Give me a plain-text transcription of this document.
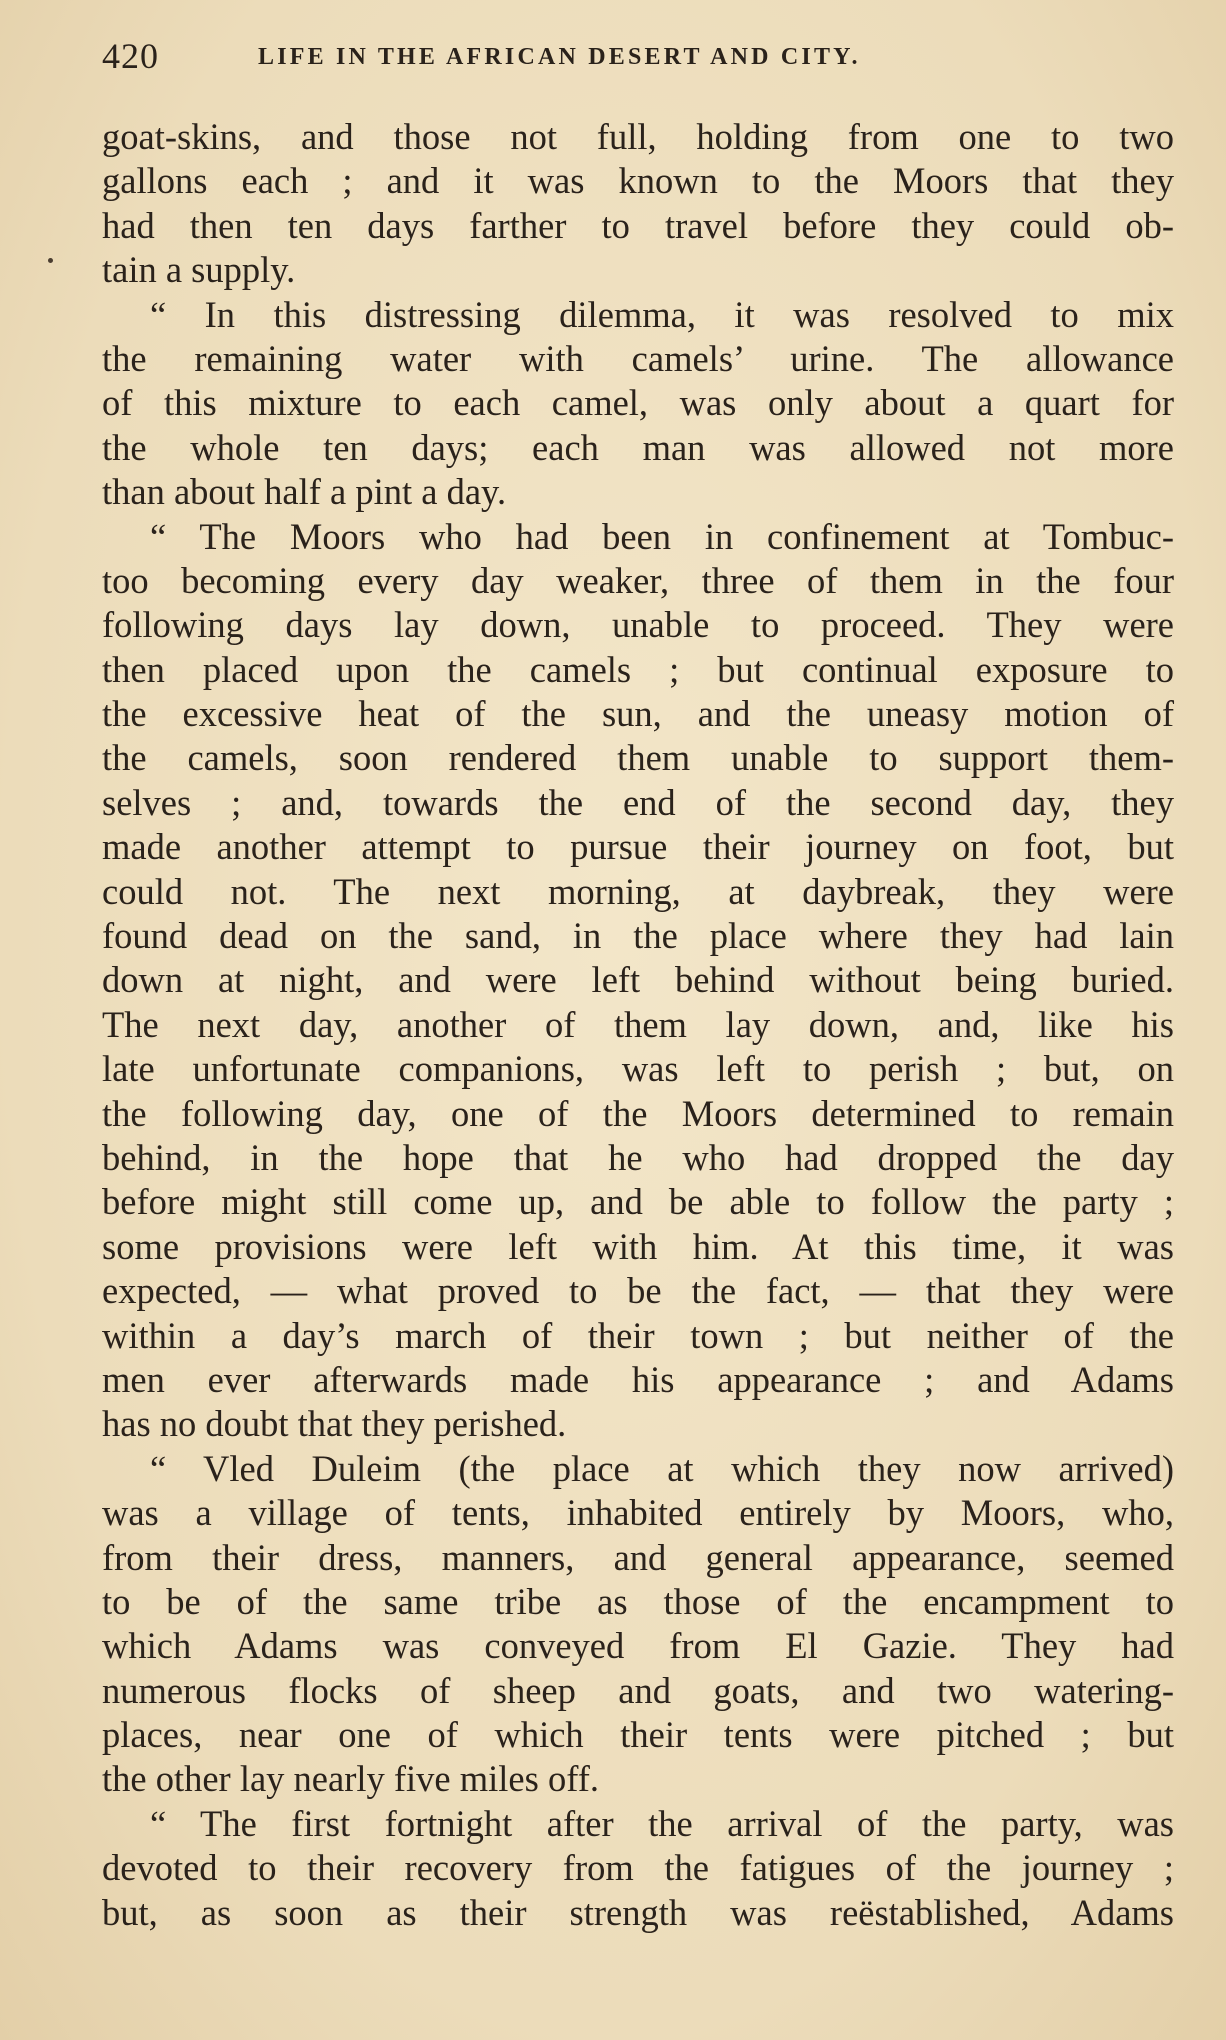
420	LIFE IN THE AFRICAN DESERT AND CITY.
goat-skins, and those not full, holding from one to two
gallons each ; and it was known to the Moors that they
had then ten days farther to travel before they could ob-
tain a supply.
“ In this distressing dilemma, it was resolved to mix
the remaining water with camels’ urine. The allowance
of this mixture to each camel, was only about a quart for
the whole ten days; each man was allowed not more
than about half a pint a day.
“ The Moors who had been in confinement at Tombuc-
too becoming every day weaker, three of them in the four
following days lay down, unable to proceed. They were
then placed upon the camels ; but continual exposure to
the excessive heat of the sun, and the uneasy motion of
the camels, soon rendered them unable to support them-
selves ; and, towards the end of the second day, they
made another attempt to pursue their journey on foot, but
could not. The next morning, at daybreak, they were
found dead on the sand, in the place where they had lain
down at night, and were left behind without being buried.
The next day, another of them lay down, and, like his
late unfortunate companions, was left to perish ; but, on
the following day, one of the Moors determined to remain
behind, in the hope that he who had dropped the day
before might still come up, and be able to follow the party ;
some provisions were left with him. At this time, it was
expected, — what proved to be the fact, — that they were
within a day’s march of their town ; but neither of the
men ever afterwards made his appearance ; and Adams
has no doubt that they perished.
“ Vled Duleim (the place at which they now arrived)
was a village of tents, inhabited entirely by Moors, who,
from their dress, manners, and general appearance, seemed
to be of the same tribe as those of the encampment to
which Adams was conveyed from El Gazie. They had
numerous flocks of sheep and goats, and two watering-
places, near one of which their tents were pitched ; but
the other lay nearly five miles off.
“ The first fortnight after the arrival of the party, was
devoted to their recovery from the fatigues of the journey ;
but, as soon as their strength was reëstablished, Adams
